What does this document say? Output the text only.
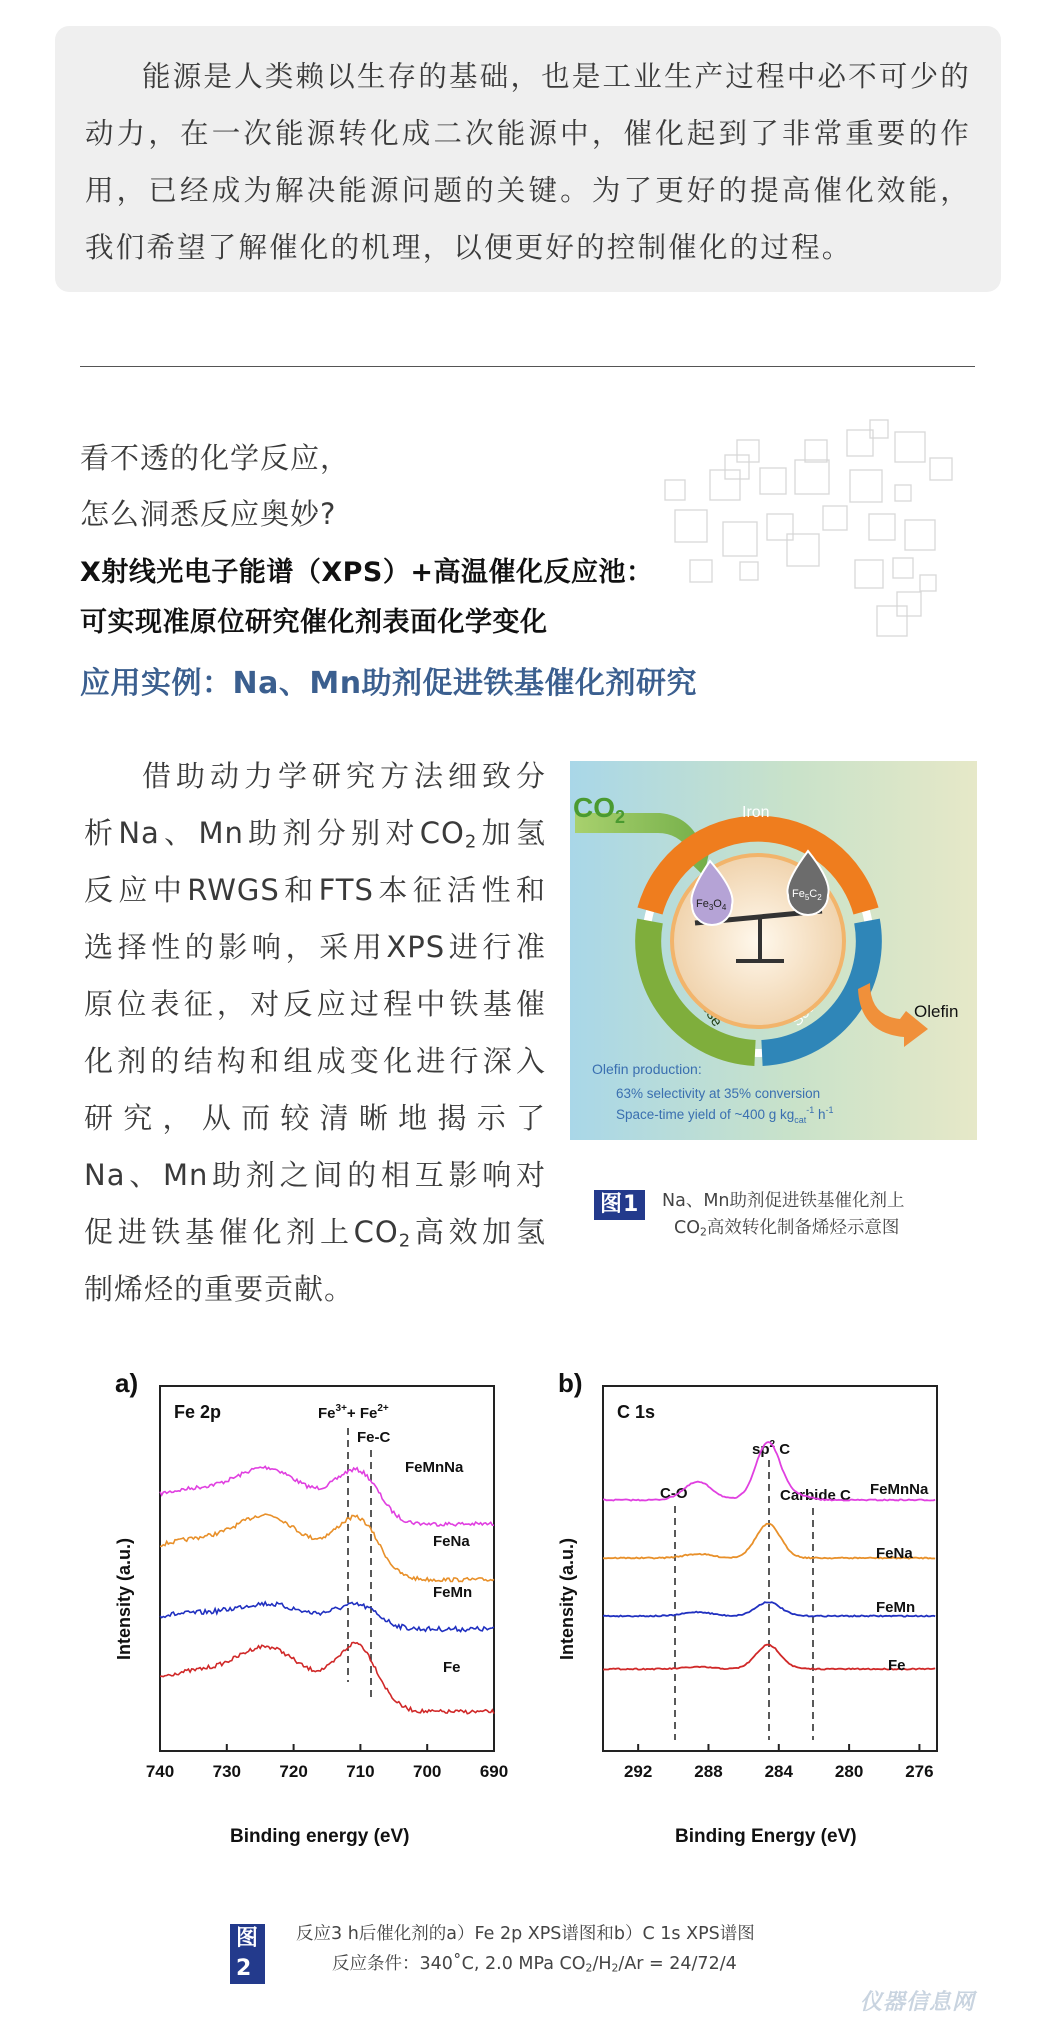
能源是人类赖以生存的基础，也是工业生产过程中必不可少的动力，在一次能源转化成二次能源中，催化起到了非常重要的作用，已经成为解决能源问题的关键。为了更好的提高催化效能，我们希望了解催化的机理，以便更好的控制催化的过程。

看不透的化学反应，
怎么洞悉反应奥妙?
X射线光电子能谱（XPS）+高温催化反应池：
可实现准原位研究催化剂表面化学变化
应用实例：Na、Mn助剂促进铁基催化剂研究
借助动力学研究方法细致分
析Na、Mn助剂分别对$CO_2$加氢
反应中RWGS和FTS本征活性和
选择性的影响，采用XPS进行准
原位表征，对反应过程中铁基催
化剂的结构和组成变化进行深入
研究，从而较清晰地揭示了
Na、Mn助剂之间的相互影响对
促进铁基催化剂上$CO_2$高效加氢
制烯烃的重要贡献。
$CO_2$	Iron
$Fe_3O_4$
$Fe_5C_2$
Olefin
Olefin production:
63% selectivity at 35% conversion
Space-time yield of ~400 g $kg_{cat}^{-1}$ $h^{-1}$
图1	Na、Mn助剂促进铁基催化剂上
$CO_2$高效转化制备烯烃示意图
a)	b)
Fe 2p	C 1s
Intensity (a.u.)	Intensity (a.u.)
Binding energy (eV)	Binding Energy (eV)
740 730 720 710 700 690	292 288 284 280 276
$Fe^{3+}+ Fe^{2+}$
Fe-C
C-O
$sp^2$ C
Carbide C
FeMnNa
FeNa
FeMn
Fe
FeMnNa
FeNa
FeMn
Fe
图2
反应3 h后催化剂的a）Fe 2p XPS谱图和b）C 1s XPS谱图
反应条件：340˚C, 2.0 MPa $CO_2/H_2/Ar = 24/72/4$
仪器信息网
